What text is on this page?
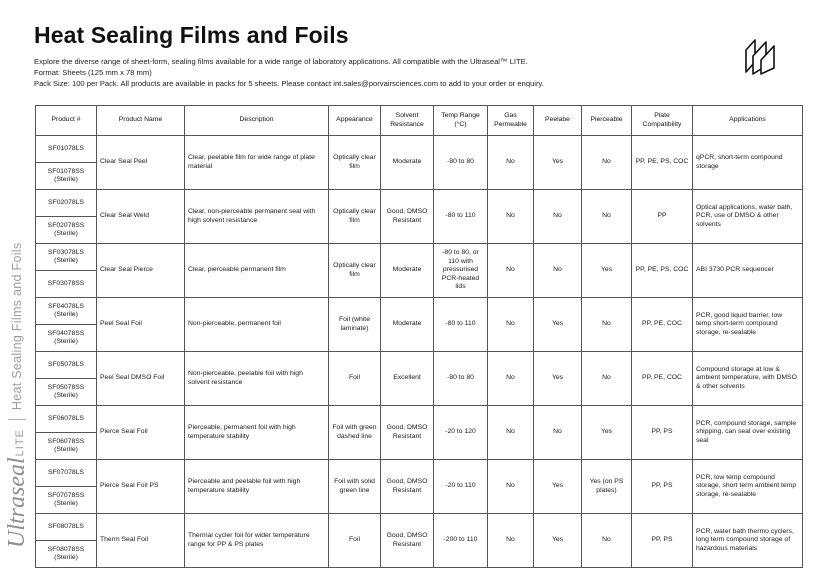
Heat Sealing Films and Foils
Explore the diverse range of sheet-form, sealing films available for a wide range of laboratory applications. All compatible with the Ultraseal™ LITE.
Format: Sheets (125 mm x 78 mm)
Pack Size: 100 per Pack. All products are available in packs for 5 sheets. Please contact int.sales@porvairsciences.com to add to your order or enquiry.
Ultraseal
LITE
Heat Sealing Films and Foils
Product #	Product Name	Description	Appearance	Solvent Resistance	Temp Range (°C)	Gas Permeable	Peelabe	Pierceable	Plate Compatibility	Applications
SF01078LS	Clear Seal Peel	Clear, peelable film for wide range of plate material	Optically clear film	Moderate	-80 to 80	No	Yes	No	PP, PE, PS, COC	qPCR, short-term compound storage
SF01078SS (Sterile)										
SF02078LS	Clear Seal Weld	Clear, non-pierceable permanent seal with high solvent resistance	Optically clear film	Good, DMSO Resistant	-80 to 110	No	No	No	PP	Optical applications, water bath, PCR, use of DMSO & other solvents
SF02078SS (Sterile)										
SF03078LS (Sterile)	Clear Seal Pierce	Clear, pierceable permanent film	Optically clear film	Moderate	-80 to 80, or 110 with pressurised PCR-heated lids	No	No	Yes	PP, PE, PS, COC	ABI 3730 PCR sequencer
SF03078SS										
SF04078LS (Sterile)	Peel Seal Foil	Non-pierceable, permanent foil	Foil (white laminate)	Moderate	-80 to 110	No	Yes	No	PP, PE, COC	PCR, good liquid barrier, low temp short-term compound storage, re-sealable
SF04078SS (Sterile)										
SF05078LS	Peel Seal DMSO Foil	Non-pierceable, peelable foil with high solvent resistance	Foil	Excellent	-80 to 80	No	Yes	No	PP, PE, COC	Compound storage at low & ambient temperature, with DMSO & other solvents
SF05078SS (Sterile)										
SF06078LS	Pierce Seal Foil	Pierceable, permanent foil with high temperature stability	Foil with green dashed line	Good, DMSO Resistant	-20 to 120	No	No	Yes	PP, PS	PCR, compound storage, sample shipping, can seal over existing seal
SF06078SS (Sterile)										
SF07078LS	Pierce Seal Foil PS	Pierceable and peelable foil with high temperature stability	Foil with solid green line	Good, DMSO Resistant	-20 to 110	No	Yes	Yes (on PS plates)	PP, PS	PCR, low temp compound storage, short term ambient temp storage, re-sealable
SF07078SS (Sterile)										
SF08078LS	Therm Seal Foil	Thermal cycler foil for wider temperature range for PP & PS plates	Foil	Good, DMSO Resistant	-200 to 110	No	Yes	No	PP, PS	PCR, water bath thermo cyclers, long term compound storage of hazardous materials
SF08078SS (Sterile)										
